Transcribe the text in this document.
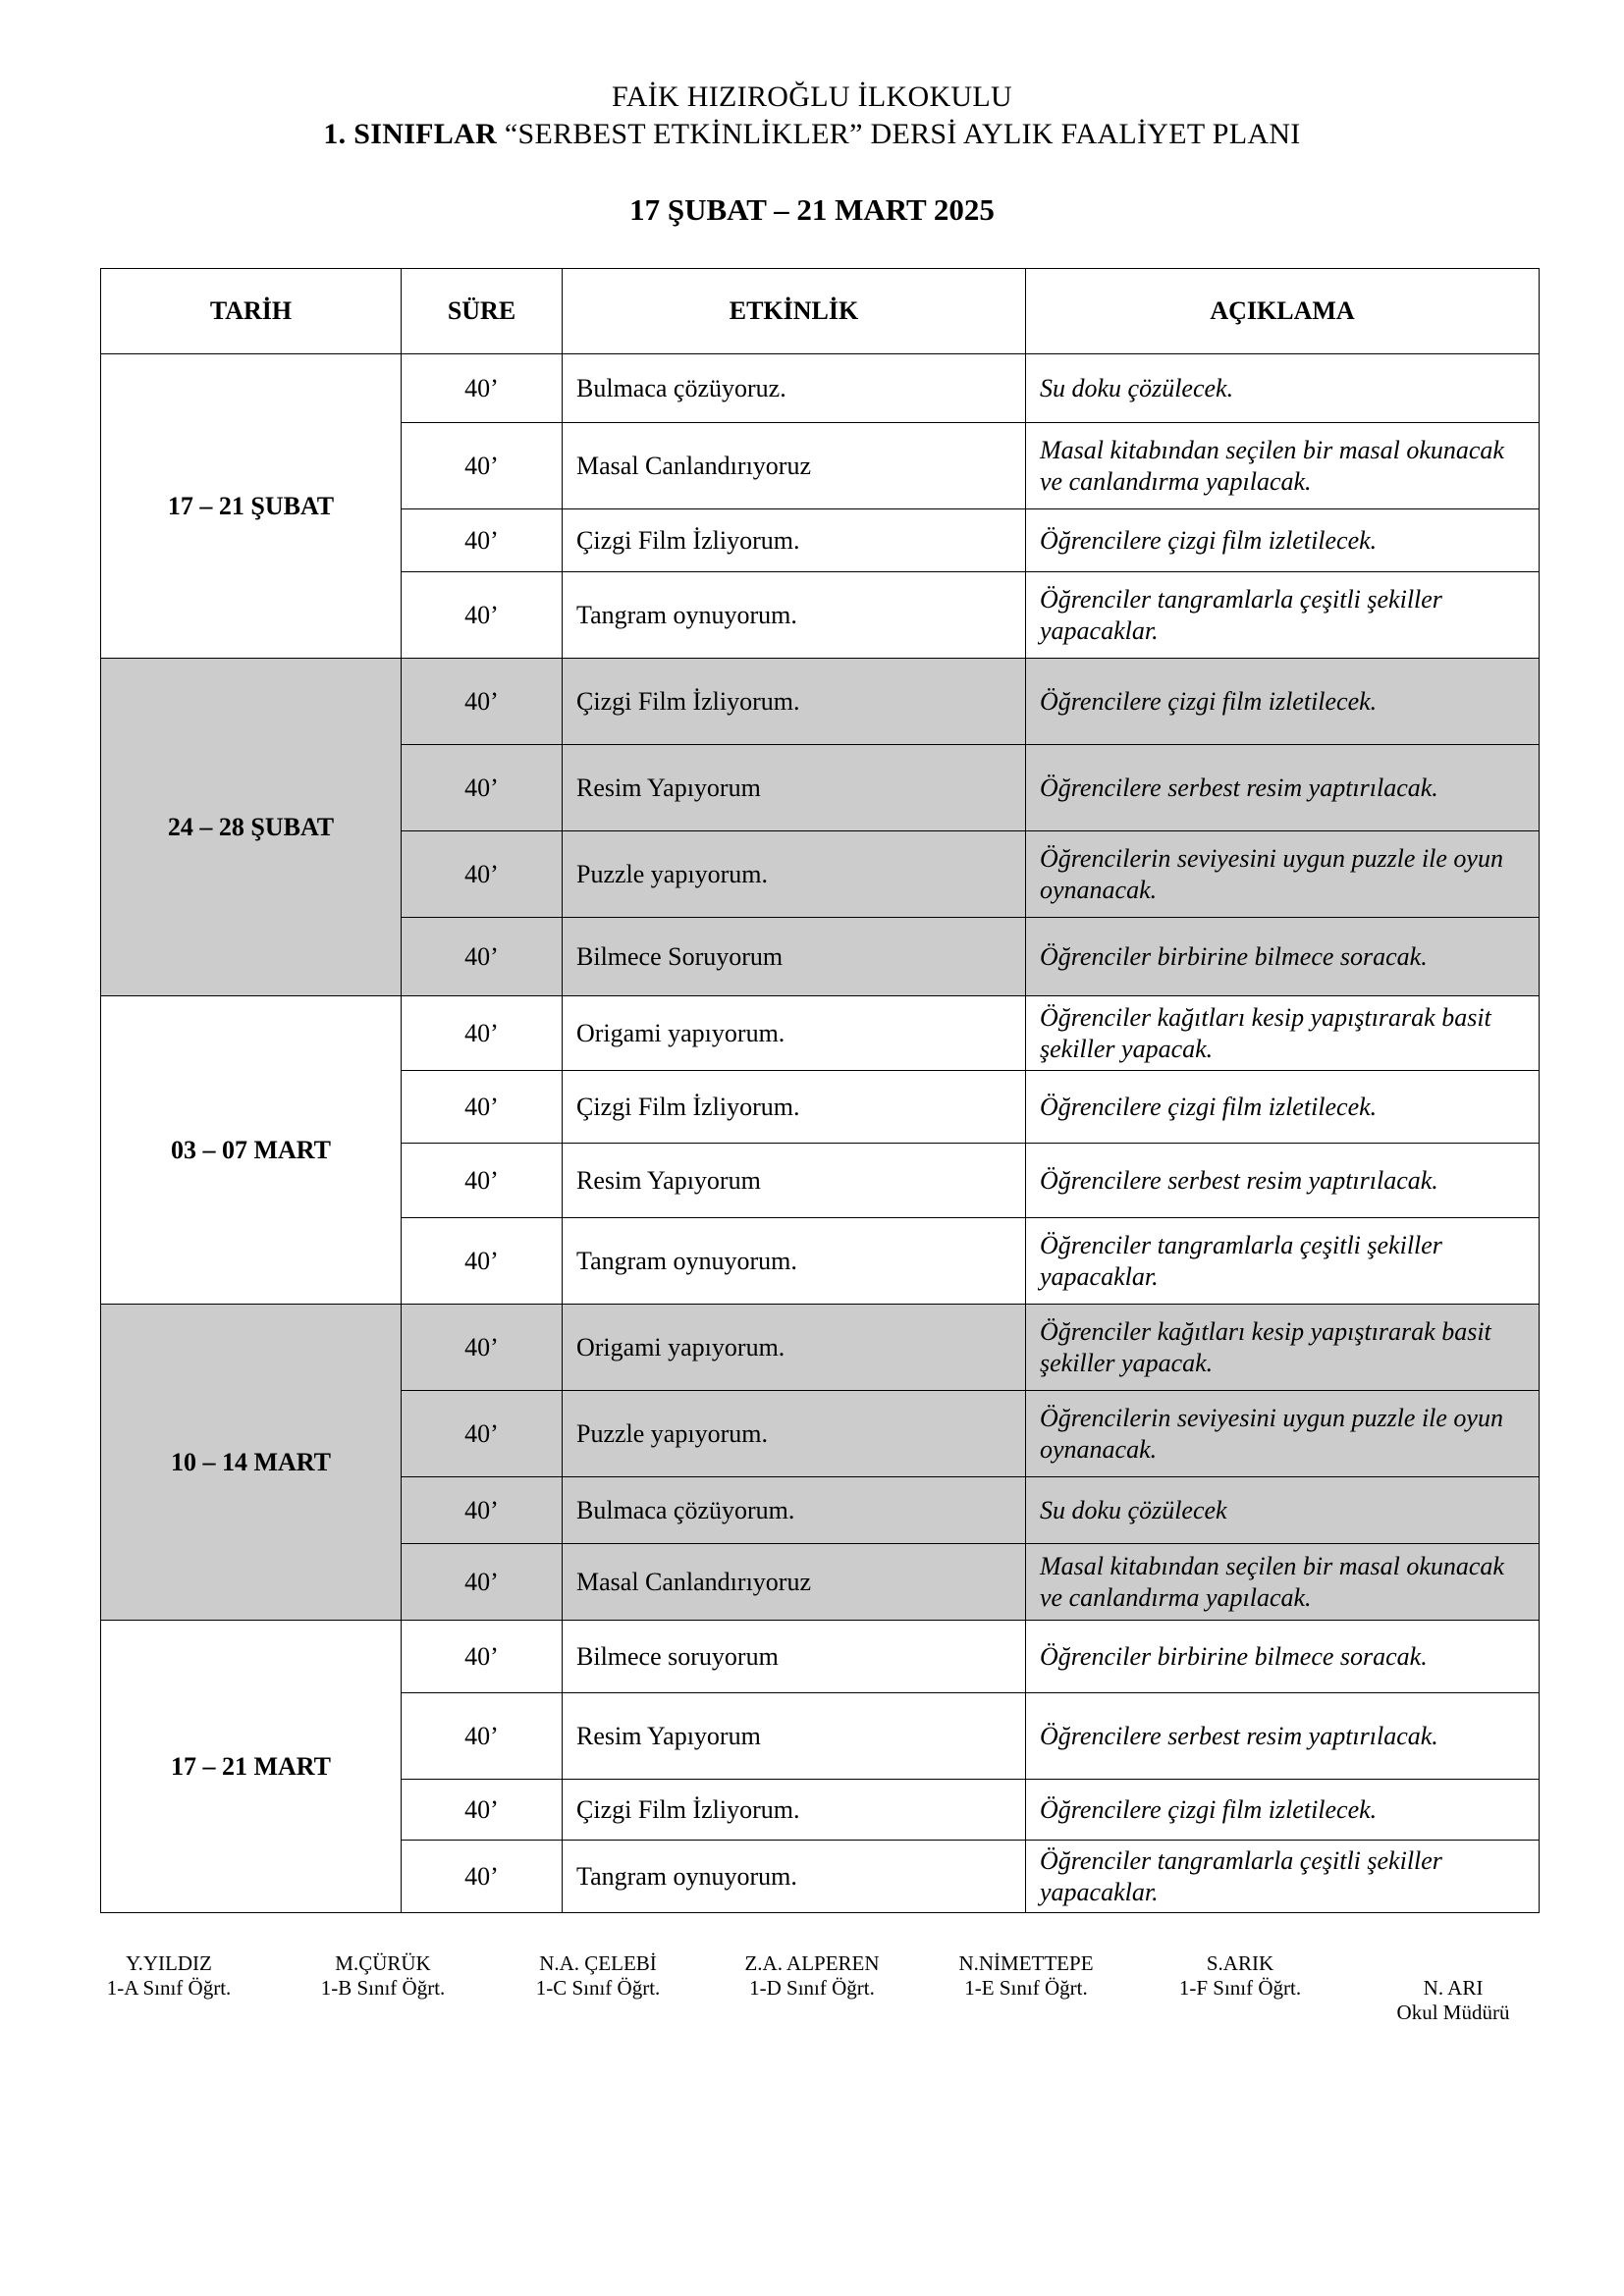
FAİK HIZIROĞLU İLKOKULU
1. SINIFLAR “SERBEST ETKİNLİKLER” DERSİ AYLIK FAALİYET PLANI
17 ŞUBAT – 21 MART 2025
TARİH	SÜRE	ETKİNLİK	AÇIKLAMA
17 – 21 ŞUBAT	40’	Bulmaca çözüyoruz.	Su doku çözülecek.
	40’	Masal Canlandırıyoruz	Masal kitabından seçilen bir masal okunacak ve canlandırma yapılacak.
	40’	Çizgi Film İzliyorum.	Öğrencilere çizgi film izletilecek.
	40’	Tangram oynuyorum.	Öğrenciler tangramlarla çeşitli şekiller yapacaklar.
24 – 28 ŞUBAT	40’	Çizgi Film İzliyorum.	Öğrencilere çizgi film izletilecek.
	40’	Resim Yapıyorum	Öğrencilere serbest resim yaptırılacak.
	40’	Puzzle yapıyorum.	Öğrencilerin seviyesini uygun puzzle ile oyun oynanacak.
	40’	Bilmece Soruyorum	Öğrenciler birbirine bilmece soracak.
03 – 07 MART	40’	Origami yapıyorum.	Öğrenciler kağıtları kesip yapıştırarak basit şekiller yapacak.
	40’	Çizgi Film İzliyorum.	Öğrencilere çizgi film izletilecek.
	40’	Resim Yapıyorum	Öğrencilere serbest resim yaptırılacak.
	40’	Tangram oynuyorum.	Öğrenciler tangramlarla çeşitli şekiller yapacaklar.
10 – 14 MART	40’	Origami yapıyorum.	Öğrenciler kağıtları kesip yapıştırarak basit şekiller yapacak.
	40’	Puzzle yapıyorum.	Öğrencilerin seviyesini uygun puzzle ile oyun oynanacak.
	40’	Bulmaca çözüyorum.	Su doku çözülecek
	40’	Masal Canlandırıyoruz	Masal kitabından seçilen bir masal okunacak ve canlandırma yapılacak.
17 – 21 MART	40’	Bilmece soruyorum	Öğrenciler birbirine bilmece soracak.
	40’	Resim Yapıyorum	Öğrencilere serbest resim yaptırılacak.
	40’	Çizgi Film İzliyorum.	Öğrencilere çizgi film izletilecek.
	40’	Tangram oynuyorum.	Öğrenciler tangramlarla çeşitli şekiller yapacaklar.
Y.YILDIZ
1-A Sınıf Öğrt.
M.ÇÜRÜK
1-B Sınıf Öğrt.
N.A. ÇELEBİ
1-C Sınıf Öğrt.
Z.A. ALPEREN
1-D Sınıf Öğrt.
N.NİMETTEPE
1-E Sınıf Öğrt.
S.ARIK
1-F Sınıf Öğrt.	N. ARI
Okul Müdürü
